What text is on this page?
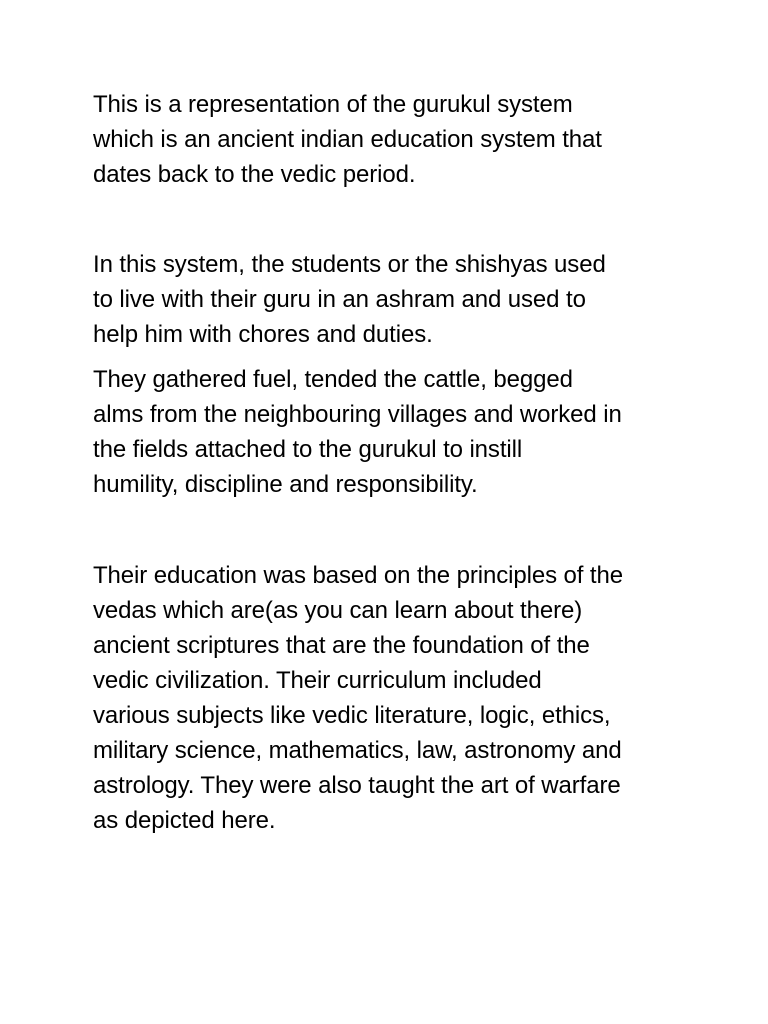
This is a representation of the gurukul system
which is an ancient indian education system that
dates back to the vedic period.

In this system, the students or the shishyas used
to live with their guru in an ashram and used to
help him with chores and duties.

They gathered fuel, tended the cattle, begged
alms from the neighbouring villages and worked in
the fields attached to the gurukul to instill
humility, discipline and responsibility.

Their education was based on the principles of the
vedas which are(as you can learn about there)
ancient scriptures that are the foundation of the
vedic civilization. Their curriculum included
various subjects like vedic literature, logic, ethics,
military science, mathematics, law, astronomy and
astrology. They were also taught the art of warfare
as depicted here.
